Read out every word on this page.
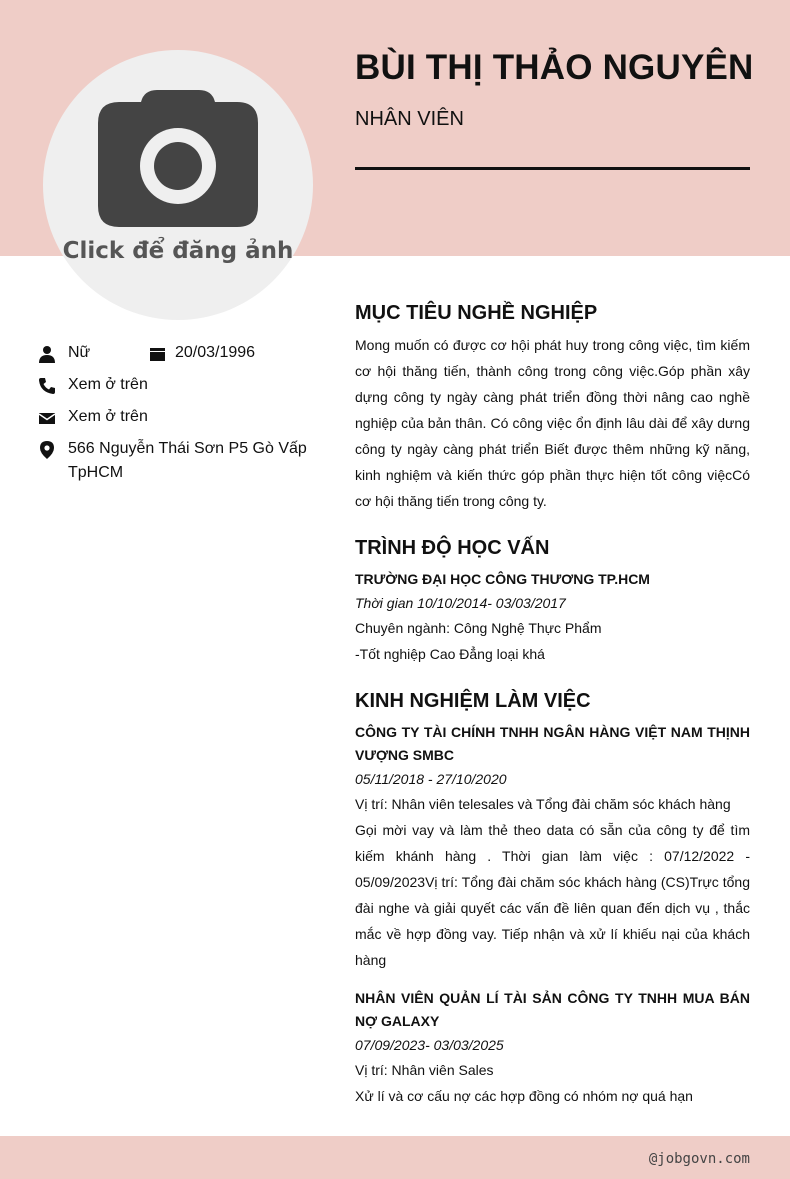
Click để đăng ảnh
BÙI THỊ THẢO NGUYÊN
NHÂN VIÊN
Nữ	20/03/1996
Xem ở trên
Xem ở trên
566 Nguyễn Thái Sơn P5 Gò Vấp
TpHCM
MỤC TIÊU NGHỀ NGHIỆP
Mong muốn có được cơ hội phát huy trong công việc, tìm kiếm cơ hội thăng tiến, thành công trong công việc.Góp phần xây dựng công ty ngày càng phát triển đồng thời nâng cao nghề nghiệp của bản thân. Có công việc ổn định lâu dài để xây dưng công ty ngày càng phát triển Biết được thêm những kỹ năng, kinh nghiệm và kiến thức góp phần thực hiện tốt công việcCó cơ hội thăng tiến trong công ty.
TRÌNH ĐỘ HỌC VẤN
TRƯỜNG ĐẠI HỌC CÔNG THƯƠNG TP.HCM
Thời gian 10/10/2014- 03/03/2017
Chuyên ngành: Công Nghệ Thực Phẩm
-Tốt nghiệp Cao Đẳng loại khá
KINH NGHIỆM LÀM VIỆC
CÔNG TY TÀI CHÍNH TNHH NGÂN HÀNG VIỆT NAM THỊNH VƯỢNG SMBC
05/11/2018 - 27/10/2020
Vị trí: Nhân viên telesales và Tổng đài chăm sóc khách hàng
Gọi mời vay và làm thẻ theo data có sẵn của công ty để tìm kiếm khánh hàng . Thời gian làm việc : 07/12/2022 - 05/09/2023Vị trí: Tổng đài chăm sóc khách hàng (CS)Trực tổng đài nghe và giải quyết các vấn đề liên quan đến dịch vụ , thắc mắc về hợp đồng vay. Tiếp nhận và xử lí khiếu nại của khách hàng
NHÂN VIÊN QUẢN LÍ TÀI SẢN CÔNG TY TNHH MUA BÁN NỢ GALAXY
07/09/2023- 03/03/2025
Vị trí: Nhân viên Sales
Xử lí và cơ cấu nợ các hợp đồng có nhóm nợ quá hạn
@jobgovn.com
